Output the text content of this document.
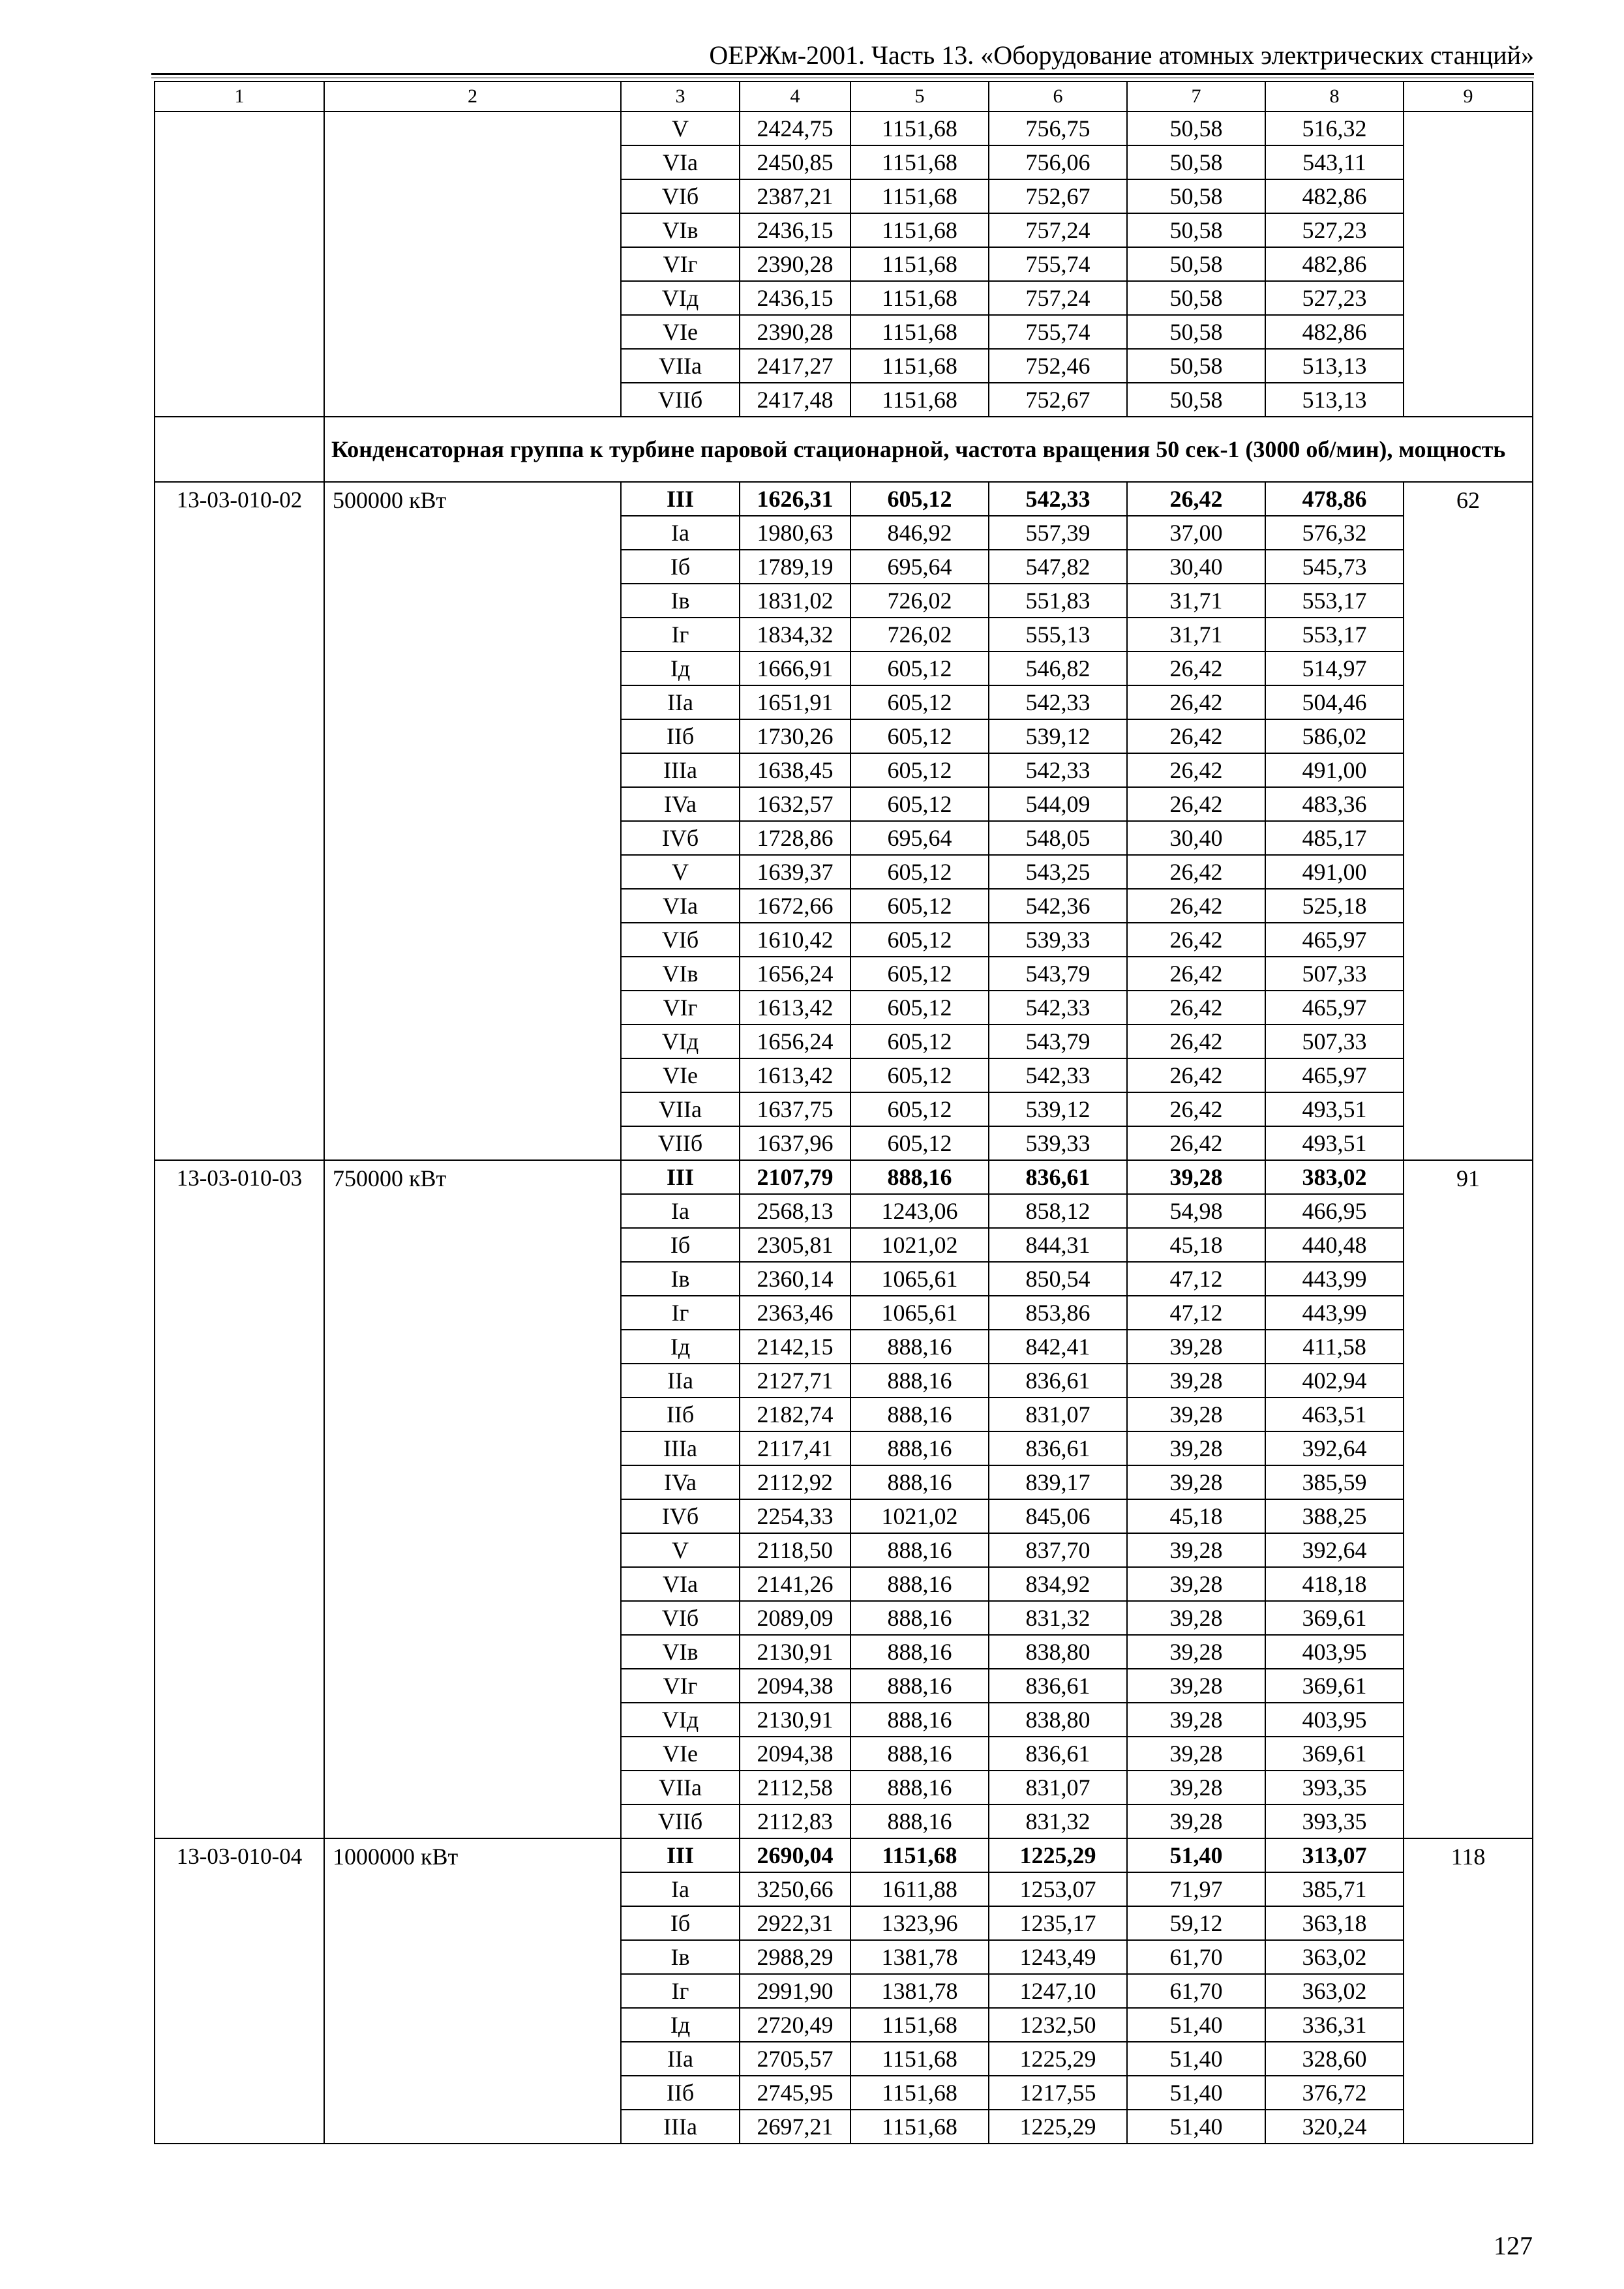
ОЕРЖм-2001. Часть 13. «Оборудование атомных электрических станций»
1	2	3	4	5	6	7	8	9
		V	2424,75	1151,68	756,75	50,58	516,32	
		VIa	2450,85	1151,68	756,06	50,58	543,11	
		VIб	2387,21	1151,68	752,67	50,58	482,86	
		VIв	2436,15	1151,68	757,24	50,58	527,23	
		VIг	2390,28	1151,68	755,74	50,58	482,86	
		VIд	2436,15	1151,68	757,24	50,58	527,23	
		VIe	2390,28	1151,68	755,74	50,58	482,86	
		VIIa	2417,27	1151,68	752,46	50,58	513,13	
		VIIб	2417,48	1151,68	752,67	50,58	513,13	
	Конденсаторная группа к турбине паровой стационарной, частота вращения 50 сек-1 (3000 об/мин), мощность							
13-03-010-02	500000 кВт	III	1626,31	605,12	542,33	26,42	478,86	62
		Ia	1980,63	846,92	557,39	37,00	576,32	
		Iб	1789,19	695,64	547,82	30,40	545,73	
		Iв	1831,02	726,02	551,83	31,71	553,17	
		Iг	1834,32	726,02	555,13	31,71	553,17	
		Iд	1666,91	605,12	546,82	26,42	514,97	
		IIa	1651,91	605,12	542,33	26,42	504,46	
		IIб	1730,26	605,12	539,12	26,42	586,02	
		IIIa	1638,45	605,12	542,33	26,42	491,00	
		IVa	1632,57	605,12	544,09	26,42	483,36	
		IVб	1728,86	695,64	548,05	30,40	485,17	
		V	1639,37	605,12	543,25	26,42	491,00	
		VIa	1672,66	605,12	542,36	26,42	525,18	
		VIб	1610,42	605,12	539,33	26,42	465,97	
		VIв	1656,24	605,12	543,79	26,42	507,33	
		VIг	1613,42	605,12	542,33	26,42	465,97	
		VIд	1656,24	605,12	543,79	26,42	507,33	
		VIe	1613,42	605,12	542,33	26,42	465,97	
		VIIa	1637,75	605,12	539,12	26,42	493,51	
		VIIб	1637,96	605,12	539,33	26,42	493,51	
13-03-010-03	750000 кВт	III	2107,79	888,16	836,61	39,28	383,02	91
		Ia	2568,13	1243,06	858,12	54,98	466,95	
		Iб	2305,81	1021,02	844,31	45,18	440,48	
		Iв	2360,14	1065,61	850,54	47,12	443,99	
		Iг	2363,46	1065,61	853,86	47,12	443,99	
		Iд	2142,15	888,16	842,41	39,28	411,58	
		IIa	2127,71	888,16	836,61	39,28	402,94	
		IIб	2182,74	888,16	831,07	39,28	463,51	
		IIIa	2117,41	888,16	836,61	39,28	392,64	
		IVa	2112,92	888,16	839,17	39,28	385,59	
		IVб	2254,33	1021,02	845,06	45,18	388,25	
		V	2118,50	888,16	837,70	39,28	392,64	
		VIa	2141,26	888,16	834,92	39,28	418,18	
		VIб	2089,09	888,16	831,32	39,28	369,61	
		VIв	2130,91	888,16	838,80	39,28	403,95	
		VIг	2094,38	888,16	836,61	39,28	369,61	
		VIд	2130,91	888,16	838,80	39,28	403,95	
		VIe	2094,38	888,16	836,61	39,28	369,61	
		VIIa	2112,58	888,16	831,07	39,28	393,35	
		VIIб	2112,83	888,16	831,32	39,28	393,35	
13-03-010-04	1000000 кВт	III	2690,04	1151,68	1225,29	51,40	313,07	118
		Ia	3250,66	1611,88	1253,07	71,97	385,71	
		Iб	2922,31	1323,96	1235,17	59,12	363,18	
		Iв	2988,29	1381,78	1243,49	61,70	363,02	
		Iг	2991,90	1381,78	1247,10	61,70	363,02	
		Iд	2720,49	1151,68	1232,50	51,40	336,31	
		IIa	2705,57	1151,68	1225,29	51,40	328,60	
		IIб	2745,95	1151,68	1217,55	51,40	376,72	
		IIIa	2697,21	1151,68	1225,29	51,40	320,24	
127
